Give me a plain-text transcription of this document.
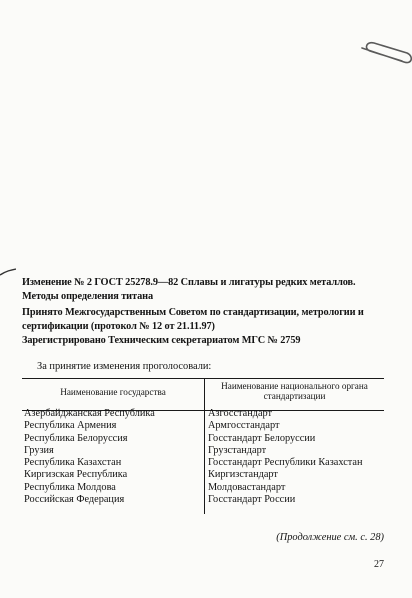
Изменение № 2 ГОСТ 25278.9—82 Сплавы и лигатуры редких металлов. Методы определения титана
Принято Межгосударственным Советом по стандартизации, метрологии и сертификации (протокол № 12 от 21.11.97)
Зарегистрировано Техническим секретариатом МГС № 2759
За принятие изменения проголосовали:
Наименование государства
Наименование национального органа стандартизации
Азербайджанская Республика
Республика Армения
Республика Белоруссия
Грузия
Республика Казахстан
Киргизская Республика
Республика Молдова
Российская Федерация
Азгосстандарт
Армгосстандарт
Госстандарт Белоруссии
Грузстандарт
Госстандарт Республики Казахстан
Киргизстандарт
Молдовастандарт
Госстандарт России
(Продолжение см. с. 28)
27
